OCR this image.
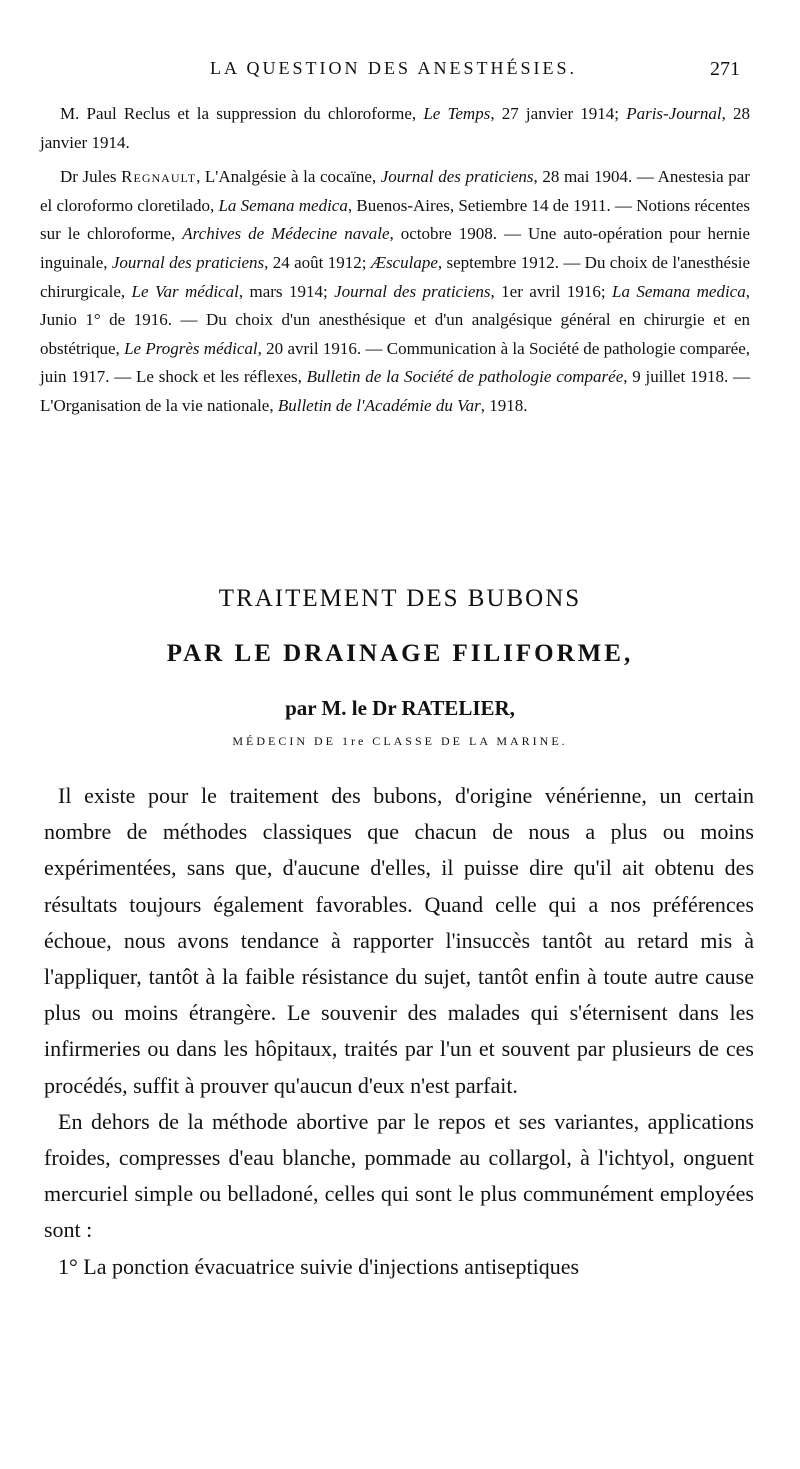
LA QUESTION DES ANESTHÉSIES.	271

M. Paul Reclus et la suppression du chloroforme, Le Temps, 27 janvier 1914; Paris-Journal, 28 janvier 1914.

Dr Jules Regnault, L'Analgésie à la cocaïne, Journal des praticiens, 28 mai 1904. — Anestesia par el cloroformo cloretilado, La Semana medica, Buenos-Aires, Setiembre 14 de 1911. — Notions récentes sur le chloroforme, Archives de Médecine navale, octobre 1908. — Une auto-opération pour hernie inguinale, Journal des praticiens, 24 août 1912; Æsculape, septembre 1912. — Du choix de l'anesthésie chirurgicale, Le Var médical, mars 1914; Journal des praticiens, 1er avril 1916; La Semana medica, Junio 1° de 1916. — Du choix d'un anesthésique et d'un analgésique général en chirurgie et en obstétrique, Le Progrès médical, 20 avril 1916. — Communication à la Société de pathologie comparée, juin 1917. — Le shock et les réflexes, Bulletin de la Société de pathologie comparée, 9 juillet 1918. — L'Organisation de la vie nationale, Bulletin de l'Académie du Var, 1918.

TRAITEMENT DES BUBONS
PAR LE DRAINAGE FILIFORME,
par M. le Dr RATELIER,
MÉDECIN DE 1re CLASSE DE LA MARINE.

Il existe pour le traitement des bubons, d'origine vénérienne, un certain nombre de méthodes classiques que chacun de nous a plus ou moins expérimentées, sans que, d'aucune d'elles, il puisse dire qu'il ait obtenu des résultats toujours également favorables. Quand celle qui a nos préférences échoue, nous avons tendance à rapporter l'insuccès tantôt au retard mis à l'appliquer, tantôt à la faible résistance du sujet, tantôt enfin à toute autre cause plus ou moins étrangère. Le souvenir des malades qui s'éternisent dans les infirmeries ou dans les hôpitaux, traités par l'un et souvent par plusieurs de ces procédés, suffit à prouver qu'aucun d'eux n'est parfait.

En dehors de la méthode abortive par le repos et ses variantes, applications froides, compresses d'eau blanche, pommade au collargol, à l'ichtyol, onguent mercuriel simple ou belladoné, celles qui sont le plus communément employées sont :

1° La ponction évacuatrice suivie d'injections antiseptiques
